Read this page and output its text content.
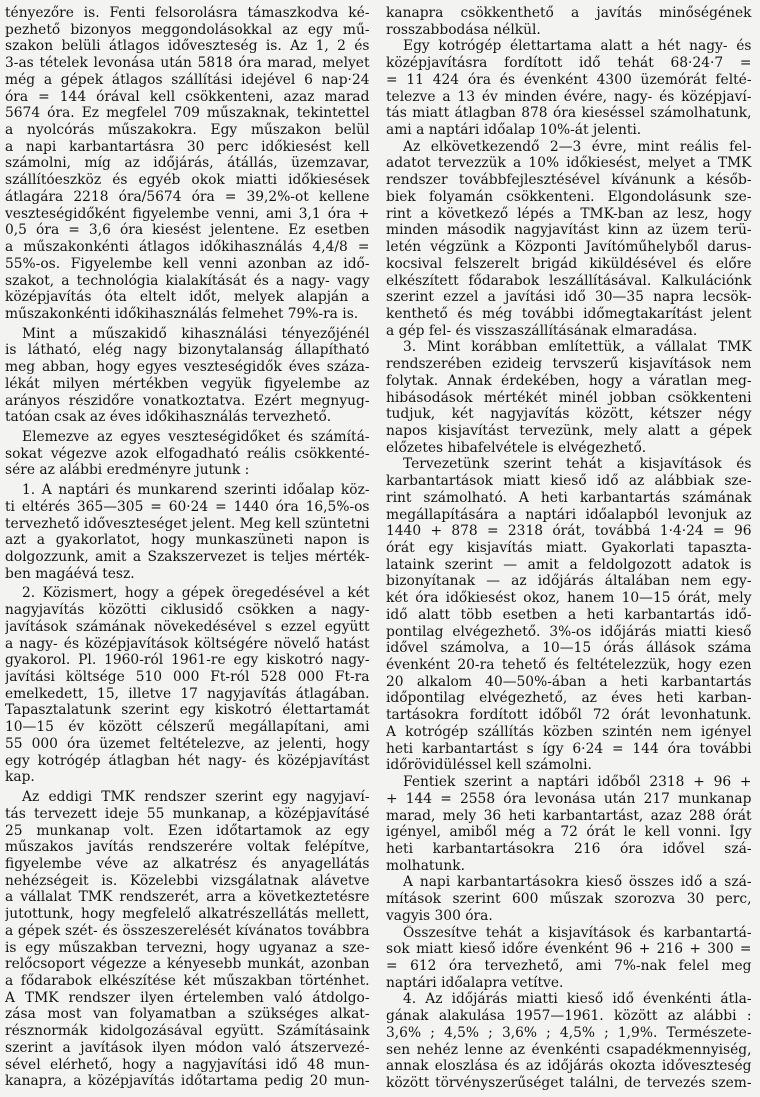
tényezőre is. Fenti felsorolásra támaszkodva ké-
pezhető bizonyos meggondolásokkal az egy mű-
szakon belüli átlagos időveszteség is. Az 1, 2 és
3-as tételek levonása után 5818 óra marad, melyet
még a gépek átlagos szállítási idejével 6 nap·24
óra = 144 órával kell csökkenteni, azaz marad
5674 óra. Ez megfelel 709 műszaknak, tekintettel
a nyolcórás műszakokra. Egy műszakon belül
a napi karbantartásra 30 perc időkiesést kell
számolni, míg az időjárás, átállás, üzemzavar,
szállítóeszköz és egyéb okok miatti időkiesések
átlagára 2218 óra/5674 óra = 39,2%-ot kellene
veszteségidőként figyelembe venni, ami 3,1 óra +
0,5 óra = 3,6 óra kiesést jelentene. Ez esetben
a műszakonkénti átlagos időkihasználás 4,4/8 =
55%-os. Figyelembe kell venni azonban az idő-
szakot, a technológia kialakítását és a nagy- vagy
középjavítás óta eltelt időt, melyek alapján a
műszakonkénti időkihasználás felmehet 79%-ra is.
Mint a műszakidő kihasználási tényezőjénél
is látható, elég nagy bizonytalanság állapítható
meg abban, hogy egyes veszteségidők éves száza-
lékát milyen mértékben vegyük figyelembe az
arányos részidőre vonatkoztatva. Ezért megnyug-
tatóan csak az éves időkihasználás tervezhető.
Elemezve az egyes veszteségidőket és számítá-
sokat végezve azok elfogadható reális csökkenté-
sére az alábbi eredményre jutunk :
1. A naptári és munkarend szerinti időalap köz-
ti eltérés 365—305 = 60·24 = 1440 óra 16,5%-os
tervezhető időveszteséget jelent. Meg kell szüntetni
azt a gyakorlatot, hogy munkaszüneti napon is
dolgozzunk, amit a Szakszervezet is teljes mérték-
ben magáévá tesz.
2. Közismert, hogy a gépek öregedésével a két
nagyjavítás közötti ciklusidő csökken a nagy-
javítások számának növekedésével s ezzel együtt
a nagy- és középjavítások költségére növelő hatást
gyakorol. Pl. 1960-ról 1961-re egy kiskotró nagy-
javítási költsége 510 000 Ft-ról 528 000 Ft-ra
emelkedett, 15, illetve 17 nagyjavítás átlagában.
Tapasztalatunk szerint egy kiskotró élettartamát
10—15 év között célszerű megállapítani, ami
55 000 óra üzemet feltételezve, az jelenti, hogy
egy kotrógép átlagban hét nagy- és középjavítást
kap.
Az eddigi TMK rendszer szerint egy nagyjaví-
tás tervezett ideje 55 munkanap, a középjavításé
25 munkanap volt. Ezen időtartamok az egy
műszakos javítás rendszerére voltak felépítve,
figyelembe véve az alkatrész és anyagellátás
nehézségeit is. Közelebbi vizsgálatnak alávetve
a vállalat TMK rendszerét, arra a következtetésre
jutottunk, hogy megfelelő alkatrészellátás mellett,
a gépek szét- és összeszerelését kívánatos továbbra
is egy műszakban tervezni, hogy ugyanaz a sze-
relőcsoport végezze a kényesebb munkát, azonban
a fődarabok elkészítése két műszakban történhet.
A TMK rendszer ilyen értelemben való átdolgo-
zása most van folyamatban a szükséges alkat-
résznormák kidolgozásával együtt. Számításaink
szerint a javítások ilyen módon való átszervezé-
sével elérhető, hogy a nagyjavítási idő 48 mun-
kanapra, a középjavítás időtartama pedig 20 mun-
kanapra csökkenthető a javítás minőségének
rosszabbodása nélkül.
Egy kotrógép élettartama alatt a hét nagy- és
középjavításra fordított idő tehát 68·24·7 =
= 11 424 óra és évenként 4300 üzemórát felté-
telezve a 13 év minden évére, nagy- és középjaví-
tás miatt átlagban 878 óra kieséssel számolhatunk,
ami a naptári időalap 10%-át jelenti.
Az elkövetkezendő 2—3 évre, mint reális fel-
adatot tervezzük a 10% időkiesést, melyet a TMK
rendszer továbbfejlesztésével kívánunk a későb-
biek folyamán csökkenteni. Elgondolásunk sze-
rint a következő lépés a TMK-ban az lesz, hogy
minden második nagyjavítást kinn az üzem terü-
letén végzünk a Központi Javítóműhelyből darus-
kocsival felszerelt brigád kiküldésével és előre
elkészített fődarabok leszállításával. Kalkulációnk
szerint ezzel a javítási idő 30—35 napra lecsök-
kenthető és még további időmegtakarítást jelent
a gép fel- és visszaszállításának elmaradása.
3. Mint korábban említettük, a vállalat TMK
rendszerében ezideig tervszerű kisjavítások nem
folytak. Annak érdekében, hogy a váratlan meg-
hibásodások mértékét minél jobban csökkenteni
tudjuk, két nagyjavítás között, kétszer négy
napos kisjavítást tervezünk, mely alatt a gépek
előzetes hibafelvétele is elvégezhető.
Tervezetünk szerint tehát a kisjavítások és
karbantartások miatt kieső idő az alábbiak sze-
rint számolható. A heti karbantartás számának
megállapítására a naptári időalapból levonjuk az
1440 + 878 = 2318 órát, továbbá 1·4·24 = 96
órát egy kisjavítás miatt. Gyakorlati tapaszta-
lataink szerint — amit a feldolgozott adatok is
bizonyítanak — az időjárás általában nem egy-
két óra időkiesést okoz, hanem 10—15 órát, mely
idő alatt több esetben a heti karbantartás idő-
pontilag elvégezhető. 3%-os időjárás miatti kieső
idővel számolva, a 10—15 órás állások száma
évenként 20-ra tehető és feltételezzük, hogy ezen
20 alkalom 40—50%-ában a heti karbantartás
időpontilag elvégezhető, az éves heti karban-
tartásokra fordított időből 72 órát levonhatunk.
A kotrógép szállítás közben szintén nem igényel
heti karbantartást s így 6·24 = 144 óra további
időrövidüléssel kell számolni.
Fentiek szerint a naptári időből 2318 + 96 +
+ 144 = 2558 óra levonása után 217 munkanap
marad, mely 36 heti karbantartást, azaz 288 órát
igényel, amiből még a 72 órát le kell vonni. Így
heti karbantartásokra 216 óra idővel szá-
molhatunk.
A napi karbantartásokra kieső összes idő a szá-
mítások szerint 600 műszak szorozva 30 perc,
vagyis 300 óra.
Összesítve tehát a kisjavítások és karbantartá-
sok miatt kieső időre évenként 96 + 216 + 300 =
= 612 óra tervezhető, ami 7%-nak felel meg
naptári időalapra vetítve.
4. Az időjárás miatti kieső idő évenkénti átla-
gának alakulása 1957—1961. között az alábbi :
3,6% ; 4,5% ; 3,6% ; 4,5% ; 1,9%. Természete-
sen nehéz lenne az évenkénti csapadékmennyiség,
annak eloszlása és az időjárás okozta időveszteség
között törvényszerűséget találni, de tervezés szem-
